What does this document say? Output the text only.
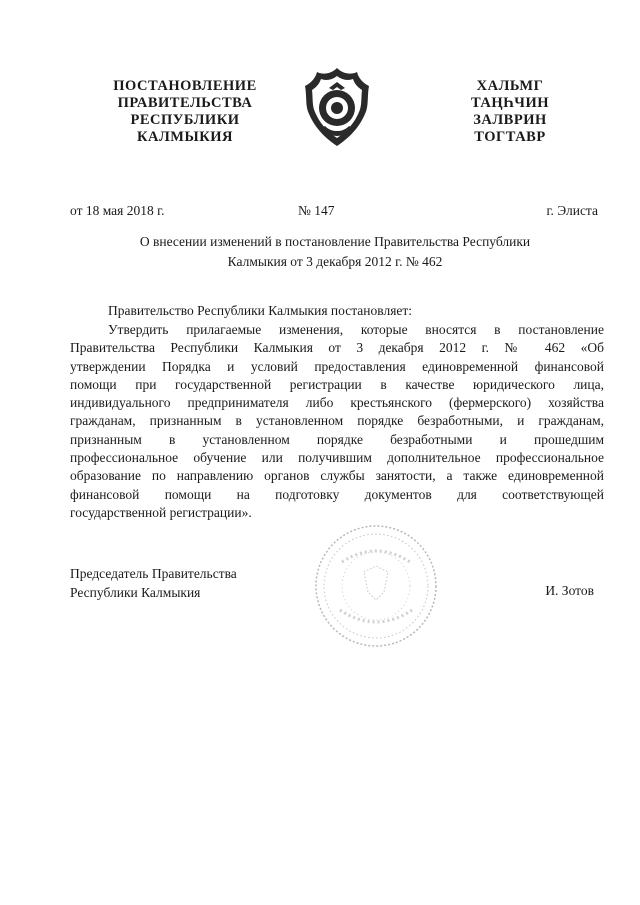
ПОСТАНОВЛЕНИЕ
ПРАВИТЕЛЬСТВА
РЕСПУБЛИКИ
КАЛМЫКИЯ
ХАЛЬМГ
ТАҢҺЧИН
ЗАЛВРИН
ТОГТАВР
от 18 мая 2018 г.	№ 147	г. Элиста
О внесении изменений в постановление Правительства Республики
Калмыкия от 3 декабря 2012 г. № 462
Правительство Республики Калмыкия постановляет:
Утвердить прилагаемые изменения, которые вносятся в постановление
Правительства Республики Калмыкия от 3 декабря 2012 г. № 462 «Об
утверждении Порядка и условий предоставления единовременной финансовой
помощи при государственной регистрации в качестве юридического лица,
индивидуального предпринимателя либо крестьянского (фермерского) хозяйства
гражданам, признанным в установленном порядке безработными, и гражданам,
признанным в установленном порядке безработными и прошедшим
профессиональное обучение или получившим дополнительное профессиональное
образование по направлению органов службы занятости, а также единовременной
финансовой помощи на подготовку документов для соответствующей
государственной регистрации».
Председатель Правительства
Республики Калмыкия	И. Зотов
